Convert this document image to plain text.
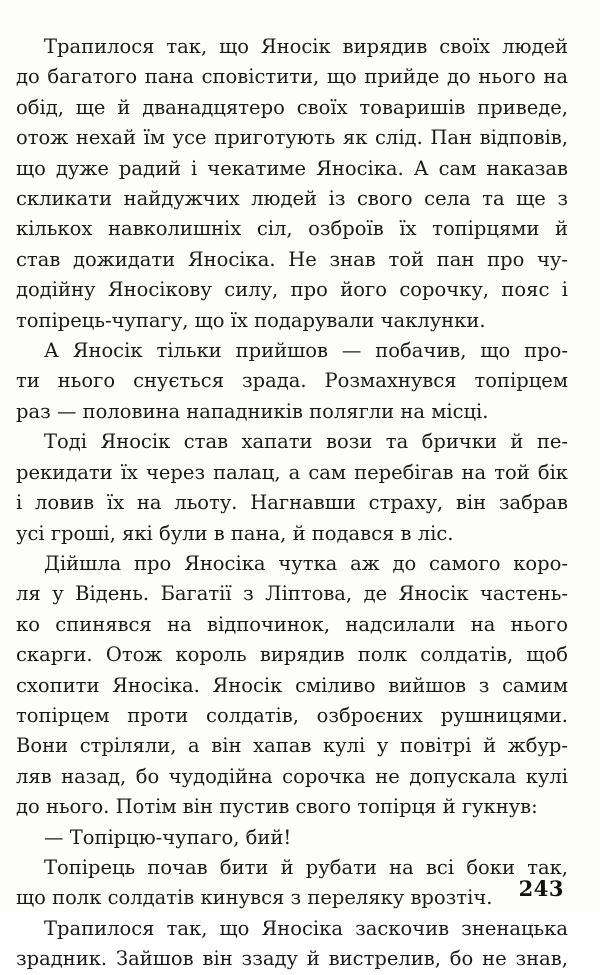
Трапилося так, що Яносік вирядив своїх людей
до багатого пана сповістити, що прийде до нього на
обід, ще й дванадцятеро своїх товаришів приведе,
отож нехай їм усе приготують як слід. Пан відповів,
що дуже радий і чекатиме Яносіка. А сам наказав
скликати найдужчих людей із свого села та ще з
кількох навколишніх сіл, озброїв їх топірцями й
став дожидати Яносіка. Не знав той пан про чу-
додійну Яносікову силу, про його сорочку, пояс і
топірець-чупагу, що їх подарували чаклунки.
А Яносік тільки прийшов — побачив, що про-
ти нього снується зрада. Розмахнувся топірцем
раз — половина нападників полягли на місці.
Тоді Яносік став хапати вози та брички й пе-
рекидати їх через палац, а сам перебігав на той бік
і ловив їх на льоту. Нагнавши страху, він забрав
усі гроші, які були в пана, й подався в ліс.
Дійшла про Яносіка чутка аж до самого коро-
ля у Відень. Багатії з Ліптова, де Яносік частень-
ко спинявся на відпочинок, надсилали на нього
скарги. Отож король вирядив полк солдатів, щоб
схопити Яносіка. Яносік сміливо вийшов з самим
топірцем проти солдатів, озброєних рушницями.
Вони стріляли, а він хапав кулі у повітрі й жбур-
ляв назад, бо чудодійна сорочка не допускала кулі
до нього. Потім він пустив свого топірця й гукнув:
— Топірцю-чупаго, бий!
Топірець почав бити й рубати на всі боки так,
що полк солдатів кинувся з переляку врозтіч.
Трапилося так, що Яносіка заскочив зненацька
зрадник. Зайшов він ззаду й вистрелив, бо не знав,
243
